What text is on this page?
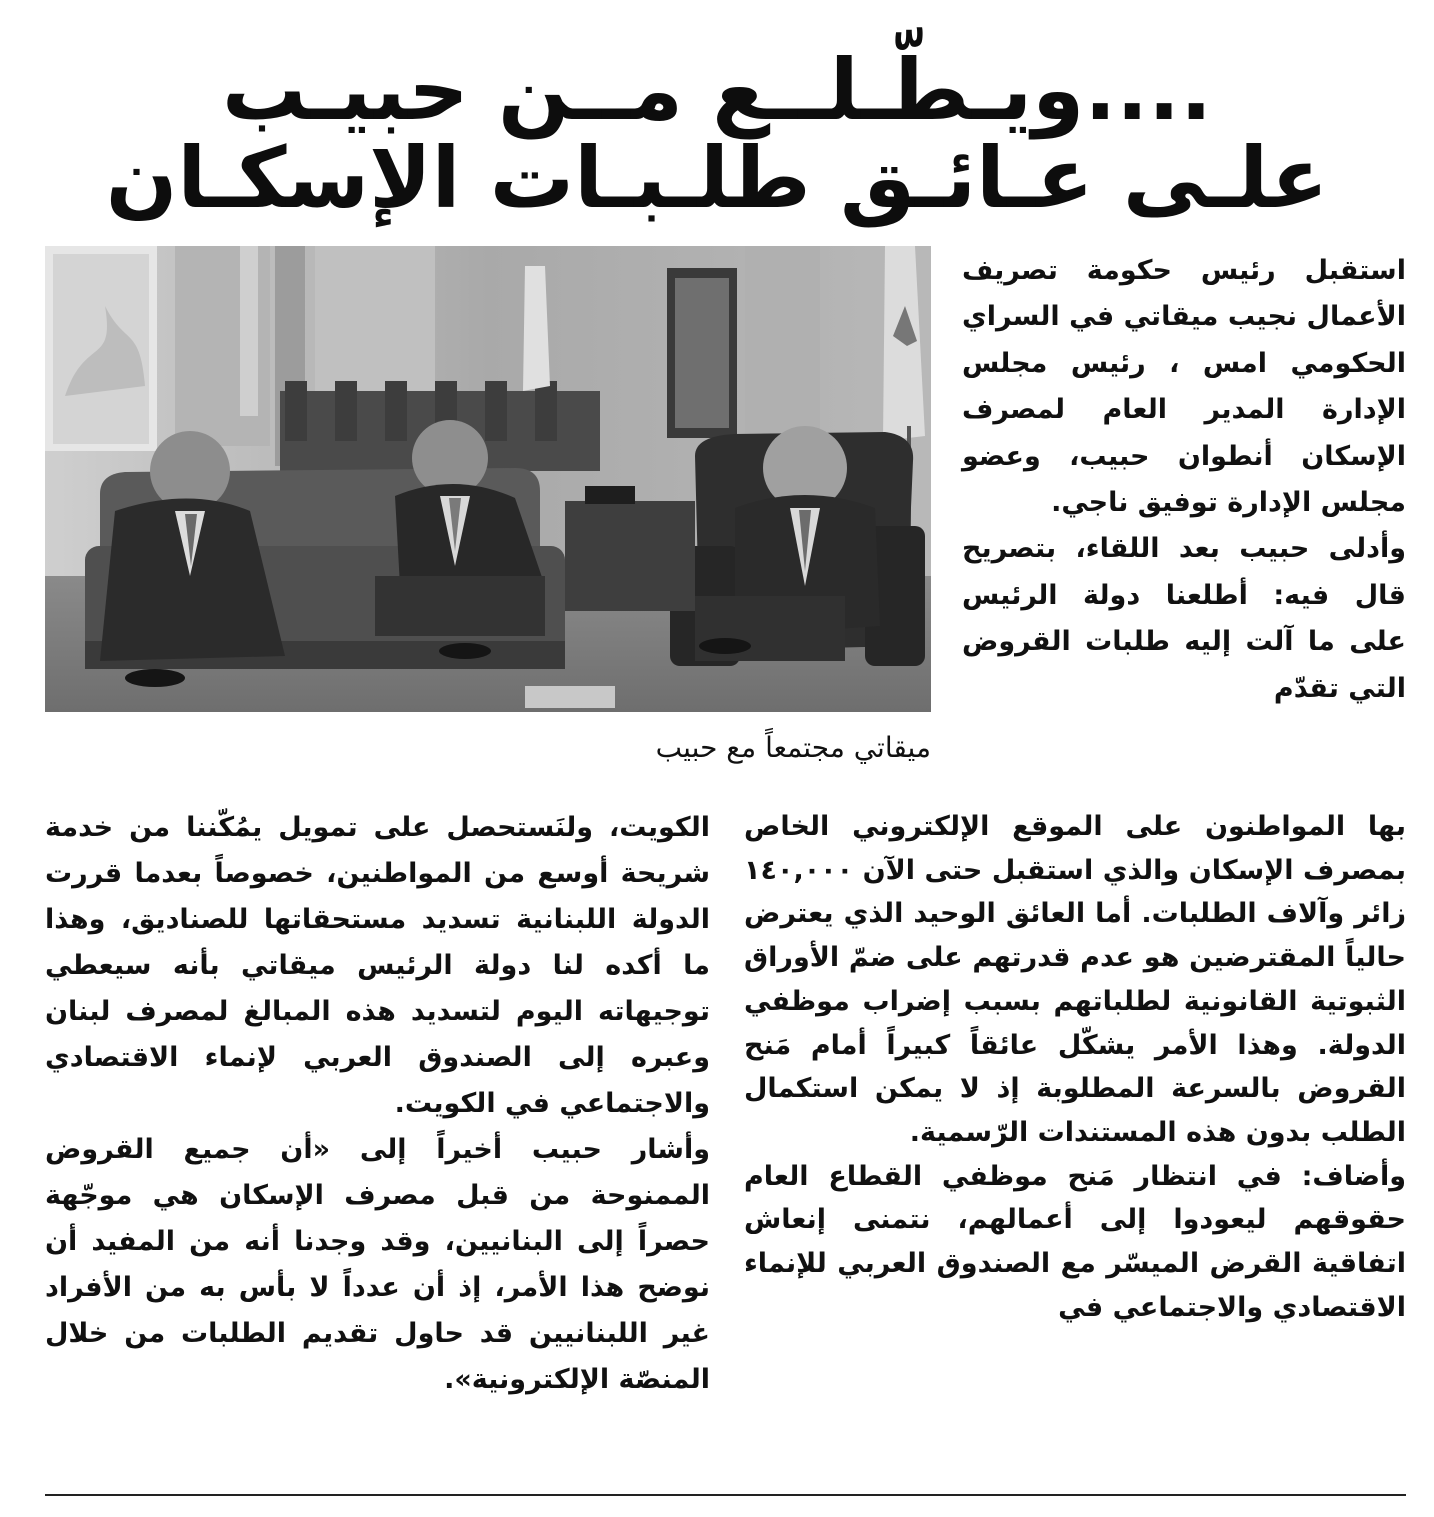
....ويـطّـلــع مــن حبيـب
علـى عـائـق طلـبـات الإسكـان
ميقاتي مجتمعاً مع حبيب

استقبل رئيس حكومة تصريف الأعمال نجيب ميقاتي في السراي الحكومي امس ، رئيس مجلس الإدارة المدير العام لمصرف الإسكان أنطوان حبيب، وعضو مجلس الإدارة توفيق ناجي.

وأدلى حبيب بعد اللقاء، بتصريح قال فيه: أطلعنا دولة الرئيس على ما آلت إليه طلبات القروض التي تقدّم

بها المواطنون على الموقع الإلكتروني الخاص بمصرف الإسكان والذي استقبل حتى الآن ١٤٠,٠٠٠ زائر وآلاف الطلبات. أما العائق الوحيد الذي يعترض حالياً المقترضين هو عدم قدرتهم على ضمّ الأوراق الثبوتية القانونية لطلباتهم بسبب إضراب موظفي الدولة. وهذا الأمر يشكّل عائقاً كبيراً أمام مَنح القروض بالسرعة المطلوبة إذ لا يمكن استكمال الطلب بدون هذه المستندات الرّسمية.

وأضاف: في انتظار مَنح موظفي القطاع العام حقوقهم ليعودوا إلى أعمالهم، نتمنى إنعاش اتفاقية القرض الميسّر مع الصندوق العربي للإنماء الاقتصادي والاجتماعي في

الكويت، ولنَستحصل على تمويل يمُكّننا من خدمة شريحة أوسع من المواطنين، خصوصاً بعدما قررت الدولة اللبنانية تسديد مستحقاتها للصناديق، وهذا ما أكده لنا دولة الرئيس ميقاتي بأنه سيعطي توجيهاته اليوم لتسديد هذه المبالغ لمصرف لبنان وعبره إلى الصندوق العربي لإنماء الاقتصادي والاجتماعي في الكويت.

وأشار حبيب أخيراً إلى «أن جميع القروض الممنوحة من قبل مصرف الإسكان هي موجّهة حصراً إلى البنانيين، وقد وجدنا أنه من المفيد أن نوضح هذا الأمر، إذ أن عدداً لا بأس به من الأفراد غير اللبنانيين قد حاول تقديم الطلبات من خلال المنصّة الإلكترونية».
